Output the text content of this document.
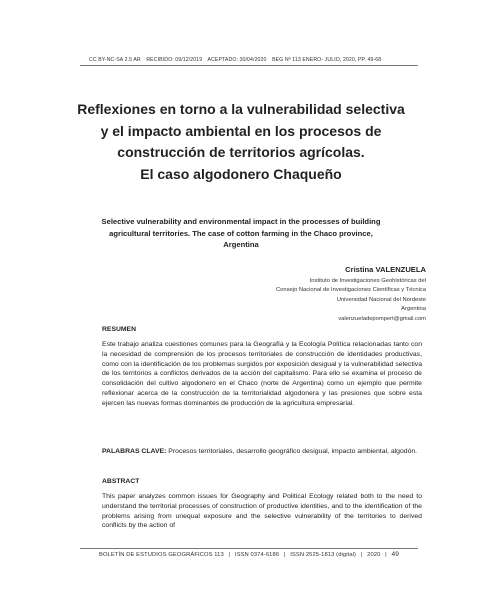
CC BY-NC-SA 2.5 AR RECIBIDO: 09/12/2019 ACEPTADO: 30/04/2020 BEG Nº 113 ENERO- JULIO, 2020, PP. 49-68
Reflexiones en torno a la vulnerabilidad selectiva
y el impacto ambiental en los procesos de
construcción de territorios agrícolas.
El caso algodonero Chaqueño
Selective vulnerability and environmental impact in the processes of building
agricultural territories. The case of cotton farming in the Chaco province,
Argentina
Cristina VALENZUELA
Instituto de Investigaciones Geohistóricas del
Consejo Nacional de Investigaciones Científicas y Técnica
Universidad Nacional del Nordeste
Argentina
valenzueladepompert@gmail.com
RESUMEN
Este trabajo analiza cuestiones comunes para la Geografía y la Ecología Política relacionadas tanto con la necesidad de comprensión de los procesos territoriales de construcción de identidades productivas, como con la identificación de los problemas surgidos por exposición desigual y la vulnerabilidad selectiva de los territorios a conflictos derivados de la acción del capitalismo. Para ello se examina el proceso de consolidación del cultivo algodonero en el Chaco (norte de Argentina) como un ejemplo que permite reflexionar acerca de la construcción de la territorialidad algodonera y las presiones que sobre esta ejercen las nuevas formas dominantes de producción de la agricultura empresarial.
PALABRAS CLAVE: Procesos territoriales, desarrollo geográfico desigual, impacto ambiental, algodón.
ABSTRACT
This paper analyzes common issues for Geography and Political Ecology related both to the need to understand the territorial processes of construction of productive identities, and to the identification of the problems arising from unequal exposure and the selective vulnerability of the territories to derived conflicts by the action of
BOLETÍN DE ESTUDIOS GEOGRÁFICOS 113 | ISSN 0374-6186 | ISSN 2525-1813 (digital) | 2020 | 49
